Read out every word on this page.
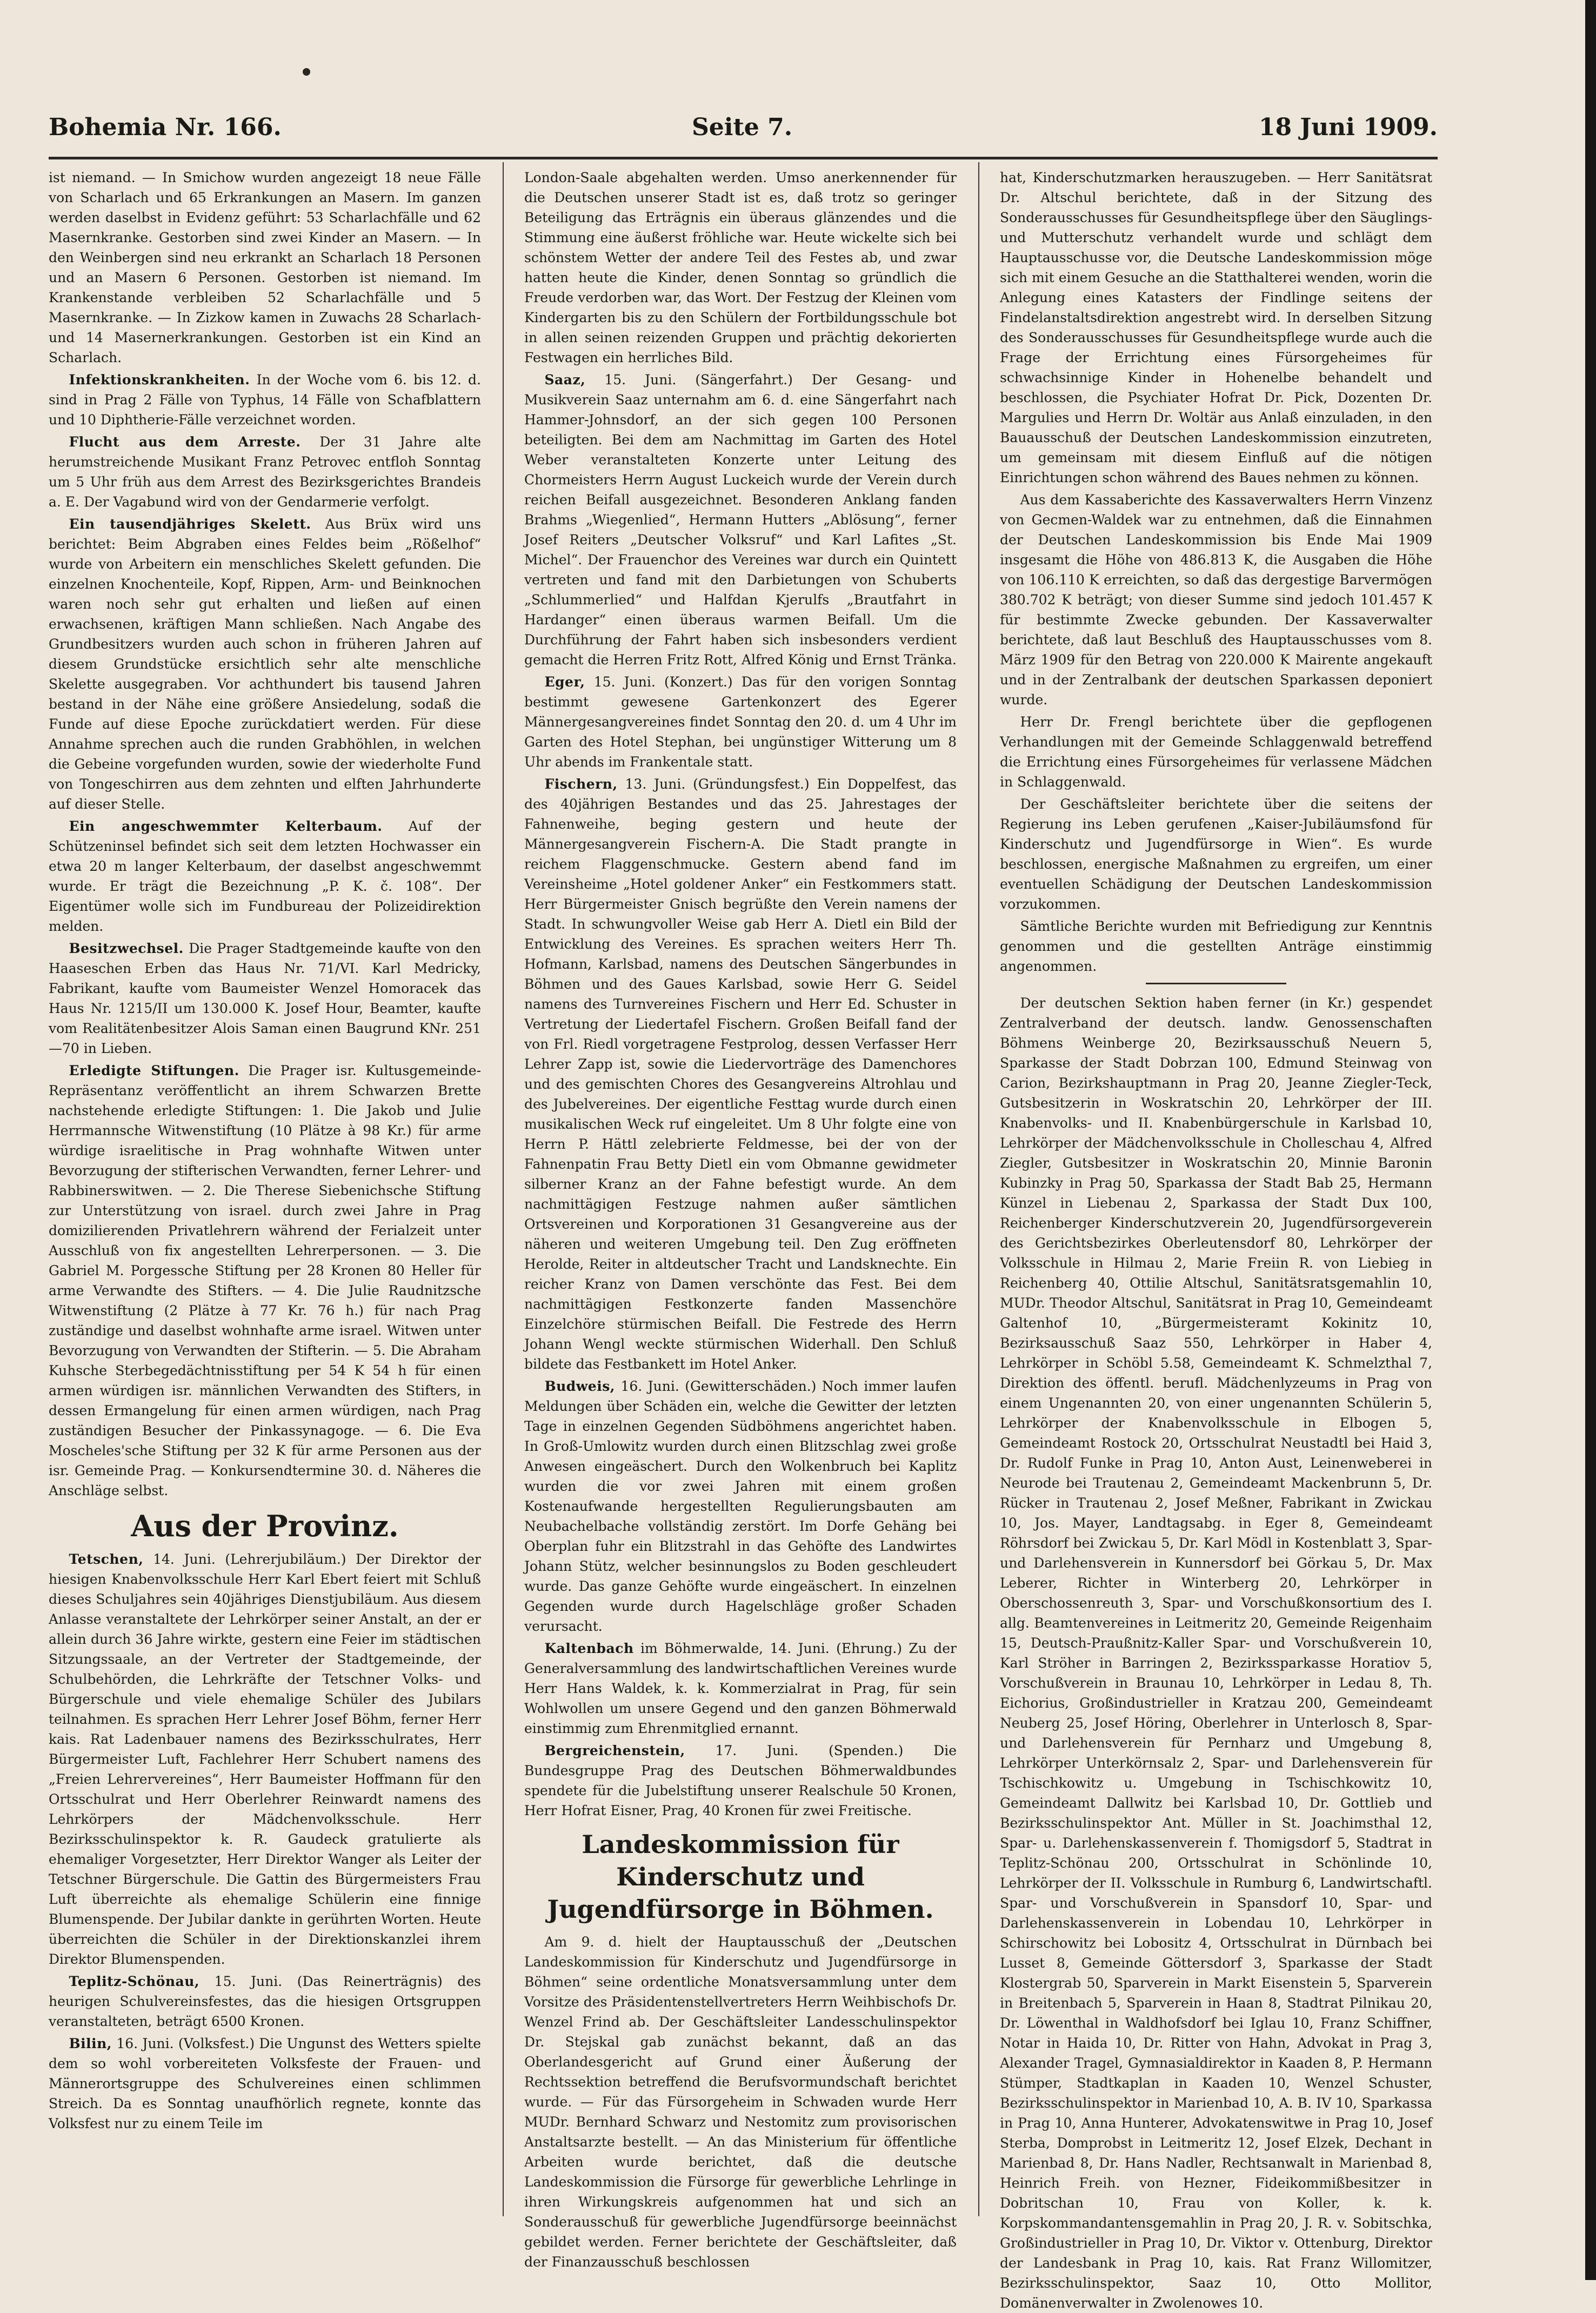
Bohemia Nr. 166.	Seite 7.	18 Juni 1909.

ist niemand. — In Smichow wurden angezeigt 18 neue Fälle von Scharlach und 65 Erkrankungen an Masern. Im ganzen werden daselbst in Evidenz geführt: 53 Scharlachfälle und 62 Masernkranke. Gestorben sind zwei Kinder an Masern. — In den Weinbergen sind neu erkrankt an Scharlach 18 Personen und an Masern 6 Personen. Gestorben ist niemand. Im Krankenstande verbleiben 52 Scharlachfälle und 5 Masernkranke. — In Zizkow kamen in Zuwachs 28 Scharlach- und 14 Masernerkrankungen. Gestorben ist ein Kind an Scharlach.

Infektionskrankheiten. In der Woche vom 6. bis 12. d. sind in Prag 2 Fälle von Typhus, 14 Fälle von Schafblattern und 10 Diphtherie-Fälle verzeichnet worden.

Flucht aus dem Arreste. Der 31 Jahre alte herumstreichende Musikant Franz Petrovec entfloh Sonntag um 5 Uhr früh aus dem Arrest des Bezirksgerichtes Brandeis a. E. Der Vagabund wird von der Gendarmerie verfolgt.

Ein tausendjähriges Skelett. Aus Brüx wird uns berichtet: Beim Abgraben eines Feldes beim „Rößelhof“ wurde von Arbeitern ein menschliches Skelett gefunden. Die einzelnen Knochenteile, Kopf, Rippen, Arm- und Beinknochen waren noch sehr gut erhalten und ließen auf einen erwachsenen, kräftigen Mann schließen. Nach Angabe des Grundbesitzers wurden auch schon in früheren Jahren auf diesem Grundstücke ersichtlich sehr alte menschliche Skelette ausgegraben. Vor achthundert bis tausend Jahren bestand in der Nähe eine größere Ansiedelung, sodaß die Funde auf diese Epoche zurückdatiert werden. Für diese Annahme sprechen auch die runden Grabhöhlen, in welchen die Gebeine vorgefunden wurden, sowie der wiederholte Fund von Tongeschirren aus dem zehnten und elften Jahrhunderte auf dieser Stelle.

Ein angeschwemmter Kelterbaum. Auf der Schützeninsel befindet sich seit dem letzten Hochwasser ein etwa 20 m langer Kelterbaum, der daselbst angeschwemmt wurde. Er trägt die Bezeichnung „P. K. č. 108“. Der Eigentümer wolle sich im Fundbureau der Polizeidirektion melden.

Besitzwechsel. Die Prager Stadtgemeinde kaufte von den Haaseschen Erben das Haus Nr. 71/VI. Karl Medricky, Fabrikant, kaufte vom Baumeister Wenzel Homoracek das Haus Nr. 1215/II um 130.000 K. Josef Hour, Beamter, kaufte vom Realitätenbesitzer Alois Saman einen Baugrund KNr. 251—70 in Lieben.

Erledigte Stiftungen. Die Prager isr. Kultusgemeinde-Repräsentanz veröffentlicht an ihrem Schwarzen Brette nachstehende erledigte Stiftungen: 1. Die Jakob und Julie Herrmannsche Witwenstiftung (10 Plätze à 98 Kr.) für arme würdige israelitische in Prag wohnhafte Witwen unter Bevorzugung der stifterischen Verwandten, ferner Lehrer- und Rabbinerswitwen. — 2. Die Therese Siebenichsche Stiftung zur Unterstützung von israel. durch zwei Jahre in Prag domizilierenden Privatlehrern während der Ferialzeit unter Ausschluß von fix angestellten Lehrerpersonen. — 3. Die Gabriel M. Porgessche Stiftung per 28 Kronen 80 Heller für arme Verwandte des Stifters. — 4. Die Julie Raudnitzsche Witwenstiftung (2 Plätze à 77 Kr. 76 h.) für nach Prag zuständige und daselbst wohnhafte arme israel. Witwen unter Bevorzugung von Verwandten der Stifterin. — 5. Die Abraham Kuhsche Sterbegedächtnisstiftung per 54 K 54 h für einen armen würdigen isr. männlichen Verwandten des Stifters, in dessen Ermangelung für einen armen würdigen, nach Prag zuständigen Besucher der Pinkassynagoge. — 6. Die Eva Moscheles'sche Stiftung per 32 K für arme Personen aus der isr. Gemeinde Prag. — Konkursendtermine 30. d. Näheres die Anschläge selbst.

Aus der Provinz.

Tetschen, 14. Juni. (Lehrerjubiläum.) Der Direktor der hiesigen Knabenvolksschule Herr Karl Ebert feiert mit Schluß dieses Schuljahres sein 40jähriges Dienstjubiläum. Aus diesem Anlasse veranstaltete der Lehrkörper seiner Anstalt, an der er allein durch 36 Jahre wirkte, gestern eine Feier im städtischen Sitzungssaale, an der Vertreter der Stadtgemeinde, der Schulbehörden, die Lehrkräfte der Tetschner Volks- und Bürgerschule und viele ehemalige Schüler des Jubilars teilnahmen. Es sprachen Herr Lehrer Josef Böhm, ferner Herr kais. Rat Ladenbauer namens des Bezirksschulrates, Herr Bürgermeister Luft, Fachlehrer Herr Schubert namens des „Freien Lehrervereines“, Herr Baumeister Hoffmann für den Ortsschulrat und Herr Oberlehrer Reinwardt namens des Lehrkörpers der Mädchenvolksschule. Herr Bezirksschulinspektor k. R. Gaudeck gratulierte als ehemaliger Vorgesetzter, Herr Direktor Wanger als Leiter der Tetschner Bürgerschule. Die Gattin des Bürgermeisters Frau Luft überreichte als ehemalige Schülerin eine finnige Blumenspende. Der Jubilar dankte in gerührten Worten. Heute überreichten die Schüler in der Direktionskanzlei ihrem Direktor Blumenspenden.

Teplitz-Schönau, 15. Juni. (Das Reinerträgnis) des heurigen Schulvereinsfestes, das die hiesigen Ortsgruppen veranstalteten, beträgt 6500 Kronen.

Bilin, 16. Juni. (Volksfest.) Die Ungunst des Wetters spielte dem so wohl vorbereiteten Volksfeste der Frauen- und Männerortsgruppe des Schulvereines einen schlimmen Streich. Da es Sonntag unaufhörlich regnete, konnte das Volksfest nur zu einem Teile im

London-Saale abgehalten werden. Umso anerkennender für die Deutschen unserer Stadt ist es, daß trotz so geringer Beteiligung das Erträgnis ein überaus glänzendes und die Stimmung eine äußerst fröhliche war. Heute wickelte sich bei schönstem Wetter der andere Teil des Festes ab, und zwar hatten heute die Kinder, denen Sonntag so gründlich die Freude verdorben war, das Wort. Der Festzug der Kleinen vom Kindergarten bis zu den Schülern der Fortbildungsschule bot in allen seinen reizenden Gruppen und prächtig dekorierten Festwagen ein herrliches Bild.

Saaz, 15. Juni. (Sängerfahrt.) Der Gesang- und Musikverein Saaz unternahm am 6. d. eine Sängerfahrt nach Hammer-Johnsdorf, an der sich gegen 100 Personen beteiligten. Bei dem am Nachmittag im Garten des Hotel Weber veranstalteten Konzerte unter Leitung des Chormeisters Herrn August Luckeich wurde der Verein durch reichen Beifall ausgezeichnet. Besonderen Anklang fanden Brahms „Wiegenlied“, Hermann Hutters „Ablösung“, ferner Josef Reiters „Deutscher Volksruf“ und Karl Lafites „St. Michel“. Der Frauenchor des Vereines war durch ein Quintett vertreten und fand mit den Darbietungen von Schuberts „Schlummerlied“ und Halfdan Kjerulfs „Brautfahrt in Hardanger“ einen überaus warmen Beifall. Um die Durchführung der Fahrt haben sich insbesonders verdient gemacht die Herren Fritz Rott, Alfred König und Ernst Tränka.

Eger, 15. Juni. (Konzert.) Das für den vorigen Sonntag bestimmt gewesene Gartenkonzert des Egerer Männergesangvereines findet Sonntag den 20. d. um 4 Uhr im Garten des Hotel Stephan, bei ungünstiger Witterung um 8 Uhr abends im Frankentale statt.

Fischern, 13. Juni. (Gründungsfest.) Ein Doppelfest, das des 40jährigen Bestandes und das 25. Jahrestages der Fahnenweihe, beging gestern und heute der Männergesangverein Fischern-A. Die Stadt prangte in reichem Flaggenschmucke. Gestern abend fand im Vereinsheime „Hotel goldener Anker“ ein Festkommers statt. Herr Bürgermeister Gnisch begrüßte den Verein namens der Stadt. In schwungvoller Weise gab Herr A. Dietl ein Bild der Entwicklung des Vereines. Es sprachen weiters Herr Th. Hofmann, Karlsbad, namens des Deutschen Sängerbundes in Böhmen und des Gaues Karlsbad, sowie Herr G. Seidel namens des Turnvereines Fischern und Herr Ed. Schuster in Vertretung der Liedertafel Fischern. Großen Beifall fand der von Frl. Riedl vorgetragene Festprolog, dessen Verfasser Herr Lehrer Zapp ist, sowie die Liedervorträge des Damenchores und des gemischten Chores des Gesangvereins Altrohlau und des Jubelvereines. Der eigentliche Festtag wurde durch einen musikalischen Weck ruf eingeleitet. Um 8 Uhr folgte eine von Herrn P. Hättl zelebrierte Feldmesse, bei der von der Fahnenpatin Frau Betty Dietl ein vom Obmanne gewidmeter silberner Kranz an der Fahne befestigt wurde. An dem nachmittägigen Festzuge nahmen außer sämtlichen Ortsvereinen und Korporationen 31 Gesangvereine aus der näheren und weiteren Umgebung teil. Den Zug eröffneten Herolde, Reiter in altdeutscher Tracht und Landsknechte. Ein reicher Kranz von Damen verschönte das Fest. Bei dem nachmittägigen Festkonzerte fanden Massenchöre Einzelchöre stürmischen Beifall. Die Festrede des Herrn Johann Wengl weckte stürmischen Widerhall. Den Schluß bildete das Festbankett im Hotel Anker.

Budweis, 16. Juni. (Gewitterschäden.) Noch immer laufen Meldungen über Schäden ein, welche die Gewitter der letzten Tage in einzelnen Gegenden Südböhmens angerichtet haben. In Groß-Umlowitz wurden durch einen Blitzschlag zwei große Anwesen eingeäschert. Durch den Wolkenbruch bei Kaplitz wurden die vor zwei Jahren mit einem großen Kostenaufwande hergestellten Regulierungsbauten am Neubachelbache vollständig zerstört. Im Dorfe Gehäng bei Oberplan fuhr ein Blitzstrahl in das Gehöfte des Landwirtes Johann Stütz, welcher besinnungslos zu Boden geschleudert wurde. Das ganze Gehöfte wurde eingeäschert. In einzelnen Gegenden wurde durch Hagelschläge großer Schaden verursacht.

Kaltenbach im Böhmerwalde, 14. Juni. (Ehrung.) Zu der Generalversammlung des landwirtschaftlichen Vereines wurde Herr Hans Waldek, k. k. Kommerzialrat in Prag, für sein Wohlwollen um unsere Gegend und den ganzen Böhmerwald einstimmig zum Ehrenmitglied ernannt.

Bergreichenstein, 17. Juni. (Spenden.) Die Bundesgruppe Prag des Deutschen Böhmerwaldbundes spendete für die Jubelstiftung unserer Realschule 50 Kronen, Herr Hofrat Eisner, Prag, 40 Kronen für zwei Freitische.

Landeskommission für Kinderschutz und Jugendfürsorge in Böhmen.

Am 9. d. hielt der Hauptausschuß der „Deutschen Landeskommission für Kinderschutz und Jugendfürsorge in Böhmen“ seine ordentliche Monatsversammlung unter dem Vorsitze des Präsidentenstellvertreters Herrn Weihbischofs Dr. Wenzel Frind ab. Der Geschäftsleiter Landesschulinspektor Dr. Stejskal gab zunächst bekannt, daß an das Oberlandesgericht auf Grund einer Äußerung der Rechtssektion betreffend die Berufsvormundschaft berichtet wurde. — Für das Fürsorgeheim in Schwaden wurde Herr MUDr. Bernhard Schwarz und Nestomitz zum provisorischen Anstaltsarzte bestellt. — An das Ministerium für öffentliche Arbeiten wurde berichtet, daß die deutsche Landeskommission die Fürsorge für gewerbliche Lehrlinge in ihren Wirkungskreis aufgenommen hat und sich an Sonderausschuß für gewerbliche Jugendfürsorge beeinnächst gebildet werden. Ferner berichtete der Geschäftsleiter, daß der Finanzausschuß beschlossen

hat, Kinderschutzmarken herauszugeben. — Herr Sanitätsrat Dr. Altschul berichtete, daß in der Sitzung des Sonderausschusses für Gesundheitspflege über den Säuglings- und Mutterschutz verhandelt wurde und schlägt dem Hauptausschusse vor, die Deutsche Landeskommission möge sich mit einem Gesuche an die Statthalterei wenden, worin die Anlegung eines Katasters der Findlinge seitens der Findelanstaltsdirektion angestrebt wird. In derselben Sitzung des Sonderausschusses für Gesundheitspflege wurde auch die Frage der Errichtung eines Fürsorgeheimes für schwachsinnige Kinder in Hohenelbe behandelt und beschlossen, die Psychiater Hofrat Dr. Pick, Dozenten Dr. Margulies und Herrn Dr. Woltär aus Anlaß einzuladen, in den Bauausschuß der Deutschen Landeskommission einzutreten, um gemeinsam mit diesem Einfluß auf die nötigen Einrichtungen schon während des Baues nehmen zu können.

Aus dem Kassaberichte des Kassaverwalters Herrn Vinzenz von Gecmen-Waldek war zu entnehmen, daß die Einnahmen der Deutschen Landeskommission bis Ende Mai 1909 insgesamt die Höhe von 486.813 K, die Ausgaben die Höhe von 106.110 K erreichten, so daß das dergestige Barvermögen 380.702 K beträgt; von dieser Summe sind jedoch 101.457 K für bestimmte Zwecke gebunden. Der Kassaverwalter berichtete, daß laut Beschluß des Hauptausschusses vom 8. März 1909 für den Betrag von 220.000 K Mairente angekauft und in der Zentralbank der deutschen Sparkassen deponiert wurde.

Herr Dr. Frengl berichtete über die gepflogenen Verhandlungen mit der Gemeinde Schlaggenwald betreffend die Errichtung eines Fürsorgeheimes für verlassene Mädchen in Schlaggenwald.

Der Geschäftsleiter berichtete über die seitens der Regierung ins Leben gerufenen „Kaiser-Jubiläumsfond für Kinderschutz und Jugendfürsorge in Wien“. Es wurde beschlossen, energische Maßnahmen zu ergreifen, um einer eventuellen Schädigung der Deutschen Landeskommission vorzukommen.

Sämtliche Berichte wurden mit Befriedigung zur Kenntnis genommen und die gestellten Anträge einstimmig angenommen.

Der deutschen Sektion haben ferner (in Kr.) gespendet Zentralverband der deutsch. landw. Genossenschaften Böhmens Weinberge 20, Bezirksausschuß Neuern 5, Sparkasse der Stadt Dobrzan 100, Edmund Steinwag von Carion, Bezirkshauptmann in Prag 20, Jeanne Ziegler-Teck, Gutsbesitzerin in Woskratschin 20, Lehrkörper der III. Knabenvolks- und II. Knabenbürgerschule in Karlsbad 10, Lehrkörper der Mädchenvolksschule in Cholleschau 4, Alfred Ziegler, Gutsbesitzer in Woskratschin 20, Minnie Baronin Kubinzky in Prag 50, Sparkassa der Stadt Bab 25, Hermann Künzel in Liebenau 2, Sparkassa der Stadt Dux 100, Reichenberger Kinderschutzverein 20, Jugendfürsorgeverein des Gerichtsbezirkes Oberleutensdorf 80, Lehrkörper der Volksschule in Hilmau 2, Marie Freiin R. von Liebieg in Reichenberg 40, Ottilie Altschul, Sanitätsratsgemahlin 10, MUDr. Theodor Altschul, Sanitätsrat in Prag 10, Gemeindeamt Galtenhof 10, „Bürgermeisteramt Kokinitz 10, Bezirksausschuß Saaz 550, Lehrkörper in Haber 4, Lehrkörper in Schöbl 5.58, Gemeindeamt K. Schmelzthal 7, Direktion des öffentl. berufl. Mädchenlyzeums in Prag von einem Ungenannten 20, von einer ungenannten Schülerin 5, Lehrkörper der Knabenvolksschule in Elbogen 5, Gemeindeamt Rostock 20, Ortsschulrat Neustadtl bei Haid 3, Dr. Rudolf Funke in Prag 10, Anton Aust, Leinenweberei in Neurode bei Trautenau 2, Gemeindeamt Mackenbrunn 5, Dr. Rücker in Trautenau 2, Josef Meßner, Fabrikant in Zwickau 10, Jos. Mayer, Landtagsabg. in Eger 8, Gemeindeamt Röhrsdorf bei Zwickau 5, Dr. Karl Mödl in Kostenblatt 3, Spar- und Darlehensverein in Kunnersdorf bei Görkau 5, Dr. Max Leberer, Richter in Winterberg 20, Lehrkörper in Oberschossenreuth 3, Spar- und Vorschußkonsortium des I. allg. Beamtenvereines in Leitmeritz 20, Gemeinde Reigenhaim 15, Deutsch-Praußnitz-Kaller Spar- und Vorschußverein 10, Karl Ströher in Barringen 2, Bezirkssparkasse Horatiov 5, Vorschußverein in Braunau 10, Lehrkörper in Ledau 8, Th. Eichorius, Großindustrieller in Kratzau 200, Gemeindeamt Neuberg 25, Josef Höring, Oberlehrer in Unterlosch 8, Spar- und Darlehensverein für Pernharz und Umgebung 8, Lehrkörper Unterkörnsalz 2, Spar- und Darlehensverein für Tschischkowitz u. Umgebung in Tschischkowitz 10, Gemeindeamt Dallwitz bei Karlsbad 10, Dr. Gottlieb und Bezirksschulinspektor Ant. Müller in St. Joachimsthal 12, Spar- u. Darlehenskassenverein f. Thomigsdorf 5, Stadtrat in Teplitz-Schönau 200, Ortsschulrat in Schönlinde 10, Lehrkörper der II. Volksschule in Rumburg 6, Landwirtschaftl. Spar- und Vorschußverein in Spansdorf 10, Spar- und Darlehenskassenverein in Lobendau 10, Lehrkörper in Schirschowitz bei Lobositz 4, Ortsschulrat in Dürnbach bei Lusset 8, Gemeinde Göttersdorf 3, Sparkasse der Stadt Klostergrab 50, Sparverein in Markt Eisenstein 5, Sparverein in Breitenbach 5, Sparverein in Haan 8, Stadtrat Pilnikau 20, Dr. Löwenthal in Waldhofsdorf bei Iglau 10, Franz Schiffner, Notar in Haida 10, Dr. Ritter von Hahn, Advokat in Prag 3, Alexander Tragel, Gymnasialdirektor in Kaaden 8, P. Hermann Stümper, Stadtkaplan in Kaaden 10, Wenzel Schuster, Bezirksschulinspektor in Marienbad 10, A. B. IV 10, Sparkassa in Prag 10, Anna Hunterer, Advokatenswitwe in Prag 10, Josef Sterba, Domprobst in Leitmeritz 12, Josef Elzek, Dechant in Marienbad 8, Dr. Hans Nadler, Rechtsanwalt in Marienbad 8, Heinrich Freih. von Hezner, Fideikommißbesitzer in Dobritschan 10, Frau von Koller, k. k. Korpskommandantensgemahlin in Prag 20, J. R. v. Sobitschka, Großindustrieller in Prag 10, Dr. Viktor v. Ottenburg, Direktor der Landesbank in Prag 10, kais. Rat Franz Willomitzer, Bezirksschulinspektor, Saaz 10, Otto Mollitor, Domänenverwalter in Zwolenowes 10.
